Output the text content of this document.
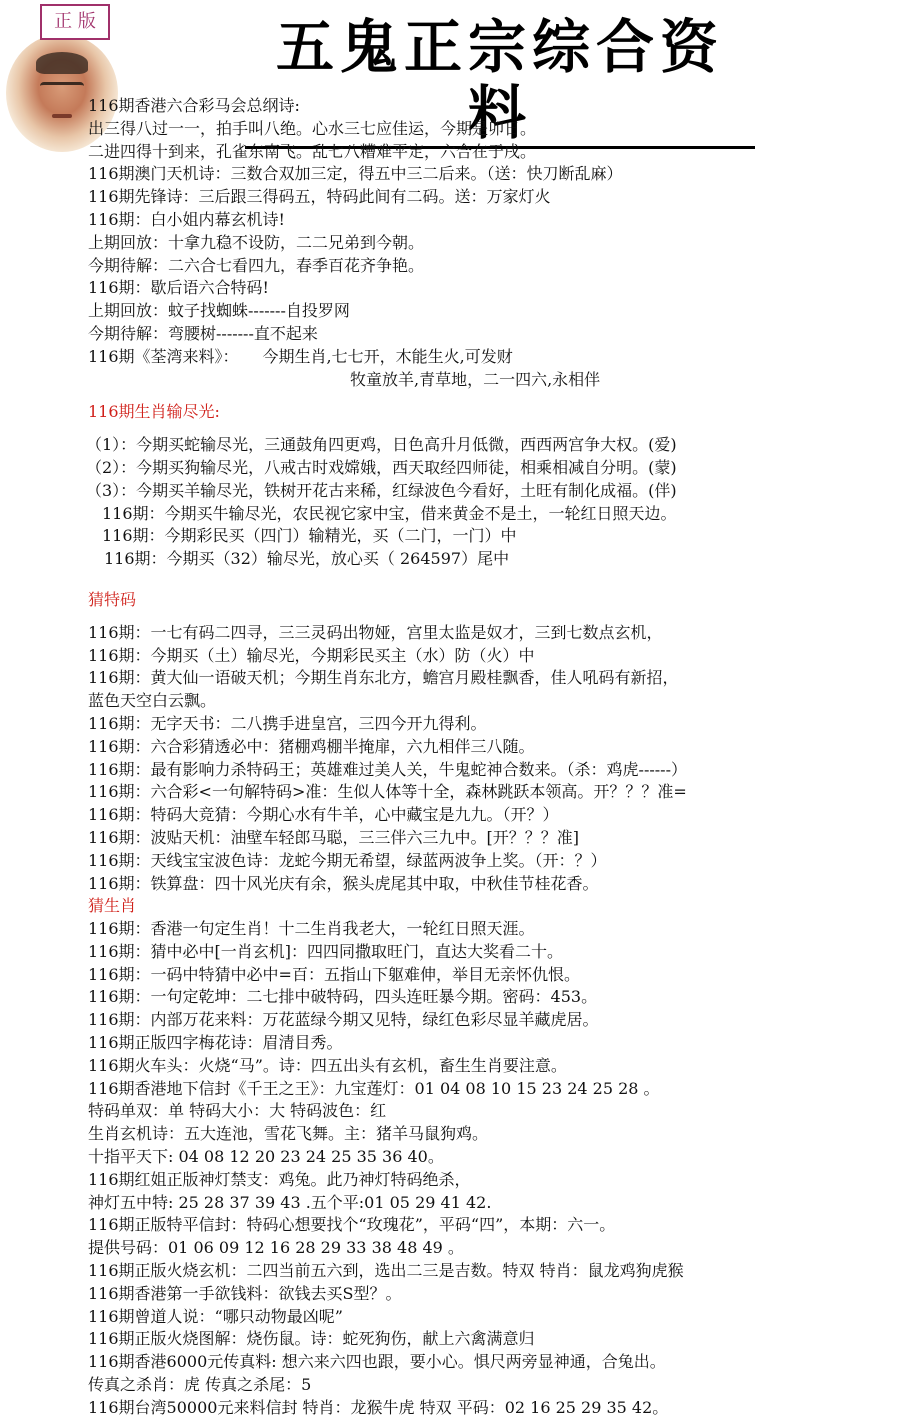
正 版	五鬼正宗综合资料
116期香港六合彩马会总纲诗:
出三得八过一一，拍手叫八绝。心水三七应佳运，今期是卯日。
二进四得十到来，孔雀东南飞。乱七八糟难平定，六合在于戌。
116期澳门天机诗：三数合双加三定，得五中三二后来。（送：快刀断乱麻）
116期先锋诗：三后跟三得码五，特码此间有二码。送：万家灯火
116期：白小姐内幕玄机诗!
上期回放：十拿九稳不设防，二二兄弟到今朝。
今期待解：二六合七看四九，春季百花齐争艳。
116期：歇后语六合特码!
上期回放：蚊子找蜘蛛-------自投罗网
今期待解：弯腰树-------直不起来
116期《荃湾来料》：　　今期生肖,七七开，木能生火,可发财
牧童放羊,青草地，二一四六,永相伴
116期生肖输尽光:
（1）：今期买蛇输尽光，三通鼓角四更鸡，日色高升月低微，西西两宫争大权。(爱)
（2）：今期买狗输尽光，八戒古时戏嫦娥，西天取经四师徒，相乘相减自分明。(蒙)
（3）：今期买羊输尽光，铁树开花古来稀，红绿波色今看好，土旺有制化成福。(伴)
116期：今期买牛输尽光，农民视它家中宝，借来黄金不是土，一轮红日照天边。
116期：今期彩民买（四门）输精光，买（二门，一门）中
116期：今期买（32）输尽光，放心买（ 264597）尾中
猜特码
116期：一七有码二四寻，三三灵码出物娅，宫里太监是奴才，三到七数点玄机，
116期：今期买（土）输尽光，今期彩民买主（水）防（火）中
116期：黄大仙一语破天机；今期生肖东北方，蟾宫月殿桂飘香，佳人吼码有新招，
蓝色天空白云飘。
116期：无字天书：二八携手进皇宫，三四今开九得利。
116期：六合彩猜透必中：猪棚鸡棚半掩扉，六九相伴三八随。
116期：最有影响力杀特码王；英雄难过美人关，牛鬼蛇神合数来。（杀：鸡虎------）
116期：六合彩<一句解特码>准：生似人体等十全，森林跳跃本领高。开？？？准=
116期：特码大竞猜：今期心水有牛羊，心中藏宝是九九。（开？）
116期：波贴天机：油壁车轻郎马聪，三三伴六三九中。[开？？？准]
116期：天线宝宝波色诗：龙蛇今期无希望，绿蓝两波争上奖。（开：？）
116期：铁算盘：四十风光庆有余，猴头虎尾其中取，中秋佳节桂花香。
猜生肖
116期：香港一句定生肖！十二生肖我老大，一轮红日照天涯。
116期：猜中必中[一肖玄机]：四四同撒取旺门，直达大奖看二十。
116期：一码中特猜中必中=百：五指山下躯难伸，举目无亲怀仇恨。
116期：一句定乾坤：二七排中破特码，四头连旺暴今期。密码：453。
116期：内部万花来料：万花蓝绿今期又见特，绿红色彩尽显羊藏虎居。
116期正版四字梅花诗：眉清目秀。
116期火车头：火烧“马”。诗：四五出头有玄机，畜生生肖要注意。
116期香港地下信封《千王之王》：九宝莲灯：01 04 08 10 15 23 24 25 28 。
特码单双：单 特码大小：大 特码波色：红
生肖玄机诗：五大连池，雪花飞舞。主：猪羊马鼠狗鸡。
十指平天下: 04 08 12 20 23 24 25 35 36 40。
116期红姐正版神灯禁支：鸡兔。此乃神灯特码绝杀，
神灯五中特: 25 28 37 39 43 .五个平:01 05 29 41 42.
116期正版特平信封：特码心想要找个“玫瑰花”，平码“四”，本期：六一。
提供号码：01 06 09 12 16 28 29 33 38 48 49 。
116期正版火烧玄机：二四当前五六到，选出二三是吉数。特双 特肖：鼠龙鸡狗虎猴
116期香港第一手欲钱料：欲钱去买S型？。
116期曾道人说：“哪只动物最凶呢”
116期正版火烧图解：烧伤鼠。诗：蛇死狗伤，献上六禽满意归
116期香港6000元传真料: 想六来六四也跟，要小心。惧尺两旁显神通，合兔出。
传真之杀肖：虎 传真之杀尾：5
116期台湾50000元来料信封 特肖：龙猴牛虎 特双 平码：02 16 25 29 35 42。
